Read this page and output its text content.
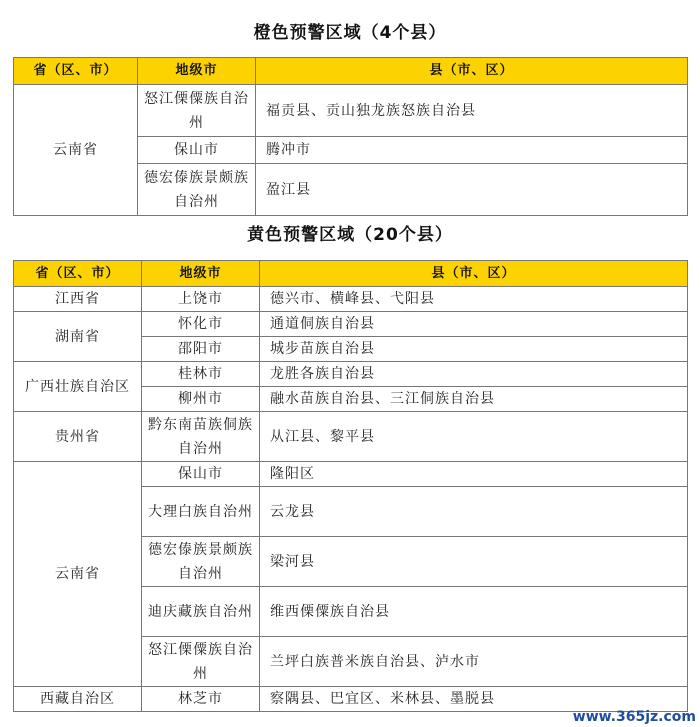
橙色预警区域（4个县）
省（区、市）	地级市	县（市、区）
云南省	怒江傈僳族自治州	福贡县、贡山独龙族怒族自治县
	保山市	腾冲市
	德宏傣族景颇族自治州	盈江县
黄色预警区域（20个县）
省（区、市）	地级市	县（市、区）
江西省	上饶市	德兴市、横峰县、弋阳县
湖南省	怀化市	通道侗族自治县
	邵阳市	城步苗族自治县
广西壮族自治区	桂林市	龙胜各族自治县
	柳州市	融水苗族自治县、三江侗族自治县
贵州省	黔东南苗族侗族自治州	从江县、黎平县
云南省	保山市	隆阳区
	大理白族自治州	云龙县
	德宏傣族景颇族自治州	梁河县
	迪庆藏族自治州	维西傈僳族自治县
	怒江傈僳族自治州	兰坪白族普米族自治县、泸水市
西藏自治区	林芝市	察隅县、巴宜区、米林县、墨脱县
www.365jz.com
